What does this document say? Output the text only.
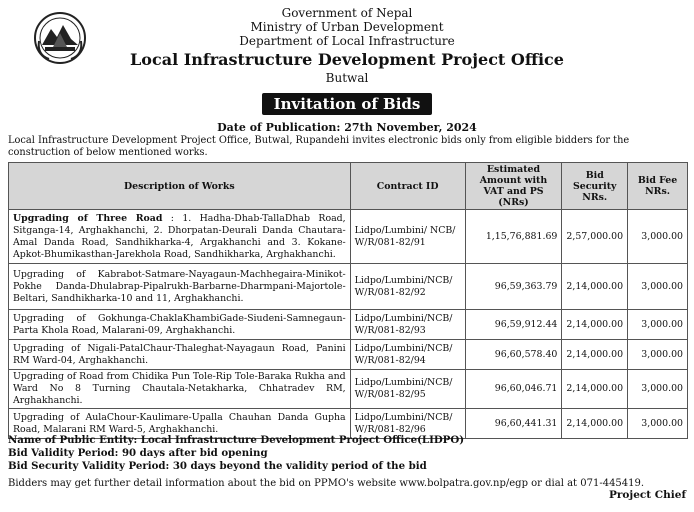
Government of Nepal
Ministry of Urban Development
Department of Local Infrastructure
Local Infrastructure Development Project Office
Butwal
Invitation of Bids
Date of Publication: 27th November, 2024
Local Infrastructure Development Project Office, Butwal, Rupandehi invites electronic bids only from eligible bidders for the construction of below mentioned works.
Description of Works	Contract ID	Estimated Amount with VAT and PS (NRs)	Bid Security NRs.	Bid Fee NRs.
Upgrading of Three Road : 1. Hadha-Dhab-TallaDhab Road, Sitganga-14, Arghakhanchi, 2. Dhorpatan-Deurali Danda Chautara-Amal Danda Road, Sandhikharka-4, Argakhanchi and 3. Kokane-Apkot-Bhumikasthan-Jarekhola Road, Sandhikharka, Arghakhanchi.	Lidpo/Lumbini/ NCB/ W/R/081-82/91	1,15,76,881.69	2,57,000.00	3,000.00
Upgrading of Kabrabot-Satmare-Nayagaun-Machhegaira-Minikot-Pokhe Danda-Dhulabrap-Pipalrukh-Barbarne-Dharmpani-Majortole-Beltari, Sandhikharka-10 and 11, Arghakhanchi.	Lidpo/Lumbini/NCB/ W/R/081-82/92	96,59,363.79	2,14,000.00	3,000.00
Upgrading of Gokhunga-ChaklaKhambiGade-Siudeni-Samnegaun-Parta Khola Road, Malarani-09, Arghakhanchi.	Lidpo/Lumbini/NCB/ W/R/081-82/93	96,59,912.44	2,14,000.00	3,000.00
Upgrading of Nigali-PatalChaur-Thaleghat-Nayagaun Road, Panini RM Ward-04, Arghakhanchi.	Lidpo/Lumbini/NCB/ W/R/081-82/94	96,60,578.40	2,14,000.00	3,000.00
Upgrading of Road from Chidika Pun Tole-Rip Tole-Baraka Rukha and Ward No 8 Turning Chautala-Netakharka, Chhatradev RM, Arghakhanchi.	Lidpo/Lumbini/NCB/ W/R/081-82/95	96,60,046.71	2,14,000.00	3,000.00
Upgrading of AulaChour-Kaulimare-Upalla Chauhan Danda Gupha Road, Malarani RM Ward-5, Arghakhanchi.	Lidpo/Lumbini/NCB/ W/R/081-82/96	96,60,441.31	2,14,000.00	3,000.00
Name of Public Entity: Local Infrastructure Development Project Office(LIDPO)
Bid Validity Period: 90 days after bid opening
Bid Security Validity Period: 30 days beyond the validity period of the bid
Bidders may get further detail information about the bid on PPMO's website www.bolpatra.gov.np/egp or dial at 071-445419.
Project Chief
